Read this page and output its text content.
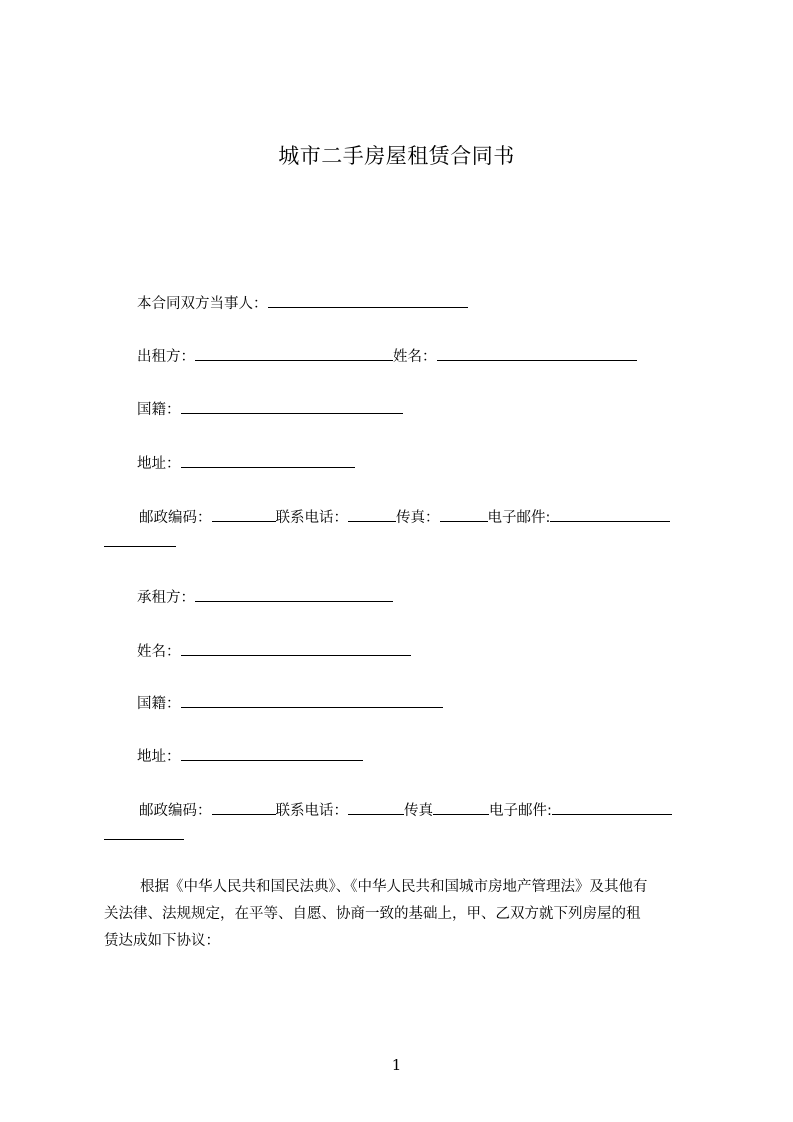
城市二手房屋租赁合同书
本合同双方当事人：
出租方：	姓名：
国籍：
地址：
邮政编码：	联系电话：	传真：	电子邮件:
承租方：
姓名：
国籍：
地址：
邮政编码：	联系电话：	传真	电子邮件:
根据《中华人民共和国民法典》、《中华人民共和国城市房地产管理法》及其他有
关法律、法规规定，在平等、自愿、协商一致的基础上，甲、乙双方就下列房屋的租
赁达成如下协议：
1
